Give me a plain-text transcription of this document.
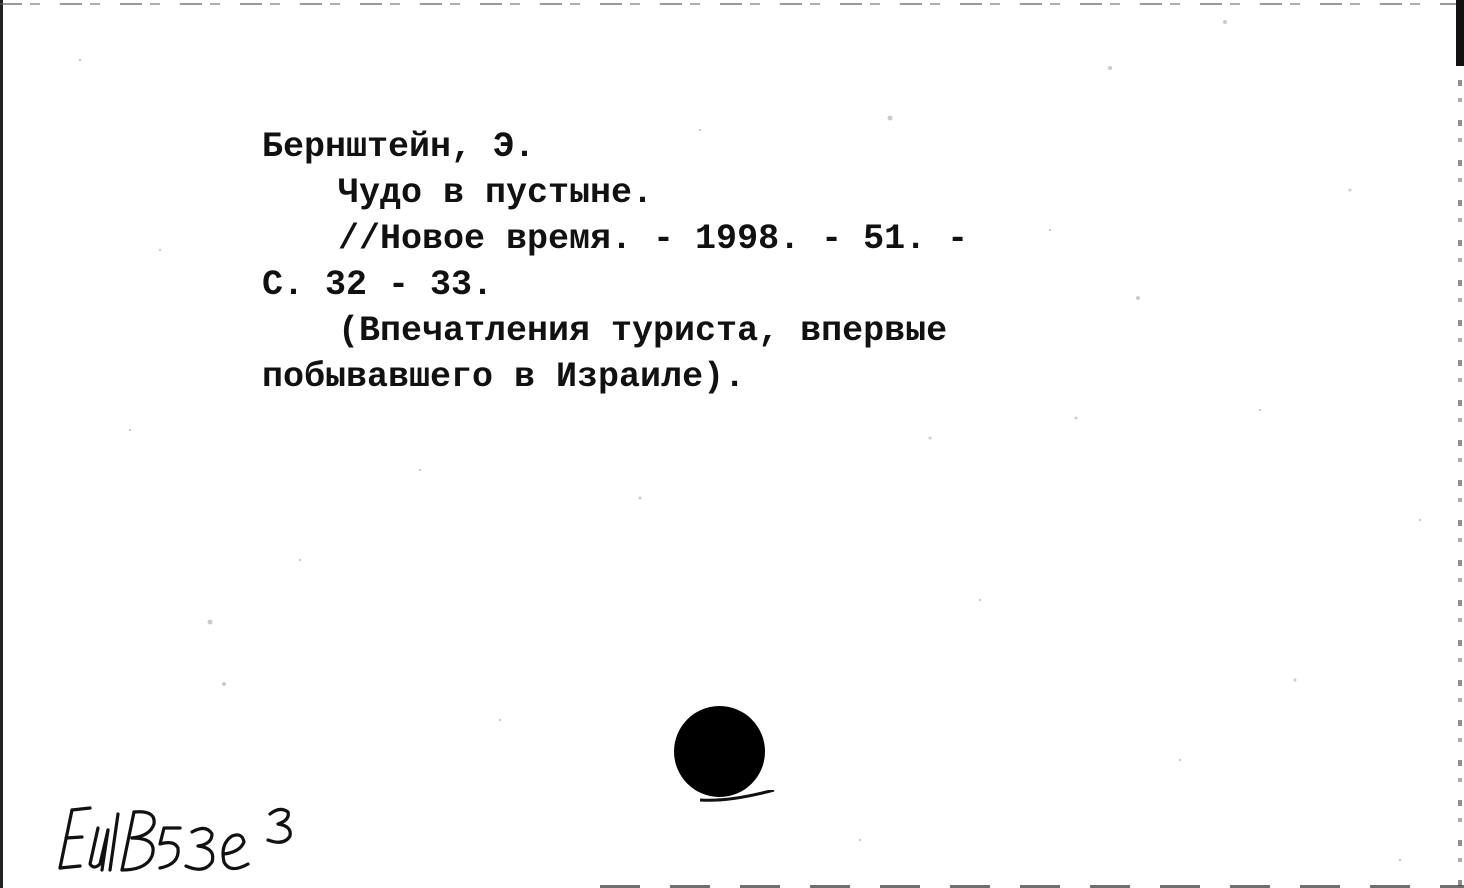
Бернштейн, Э.

Чудо в пустыне.

//Новое время. - 1998. - 51. -

С. 32 - 33.

(Впечатления туриста, впервые

побывавшего в Израиле).
